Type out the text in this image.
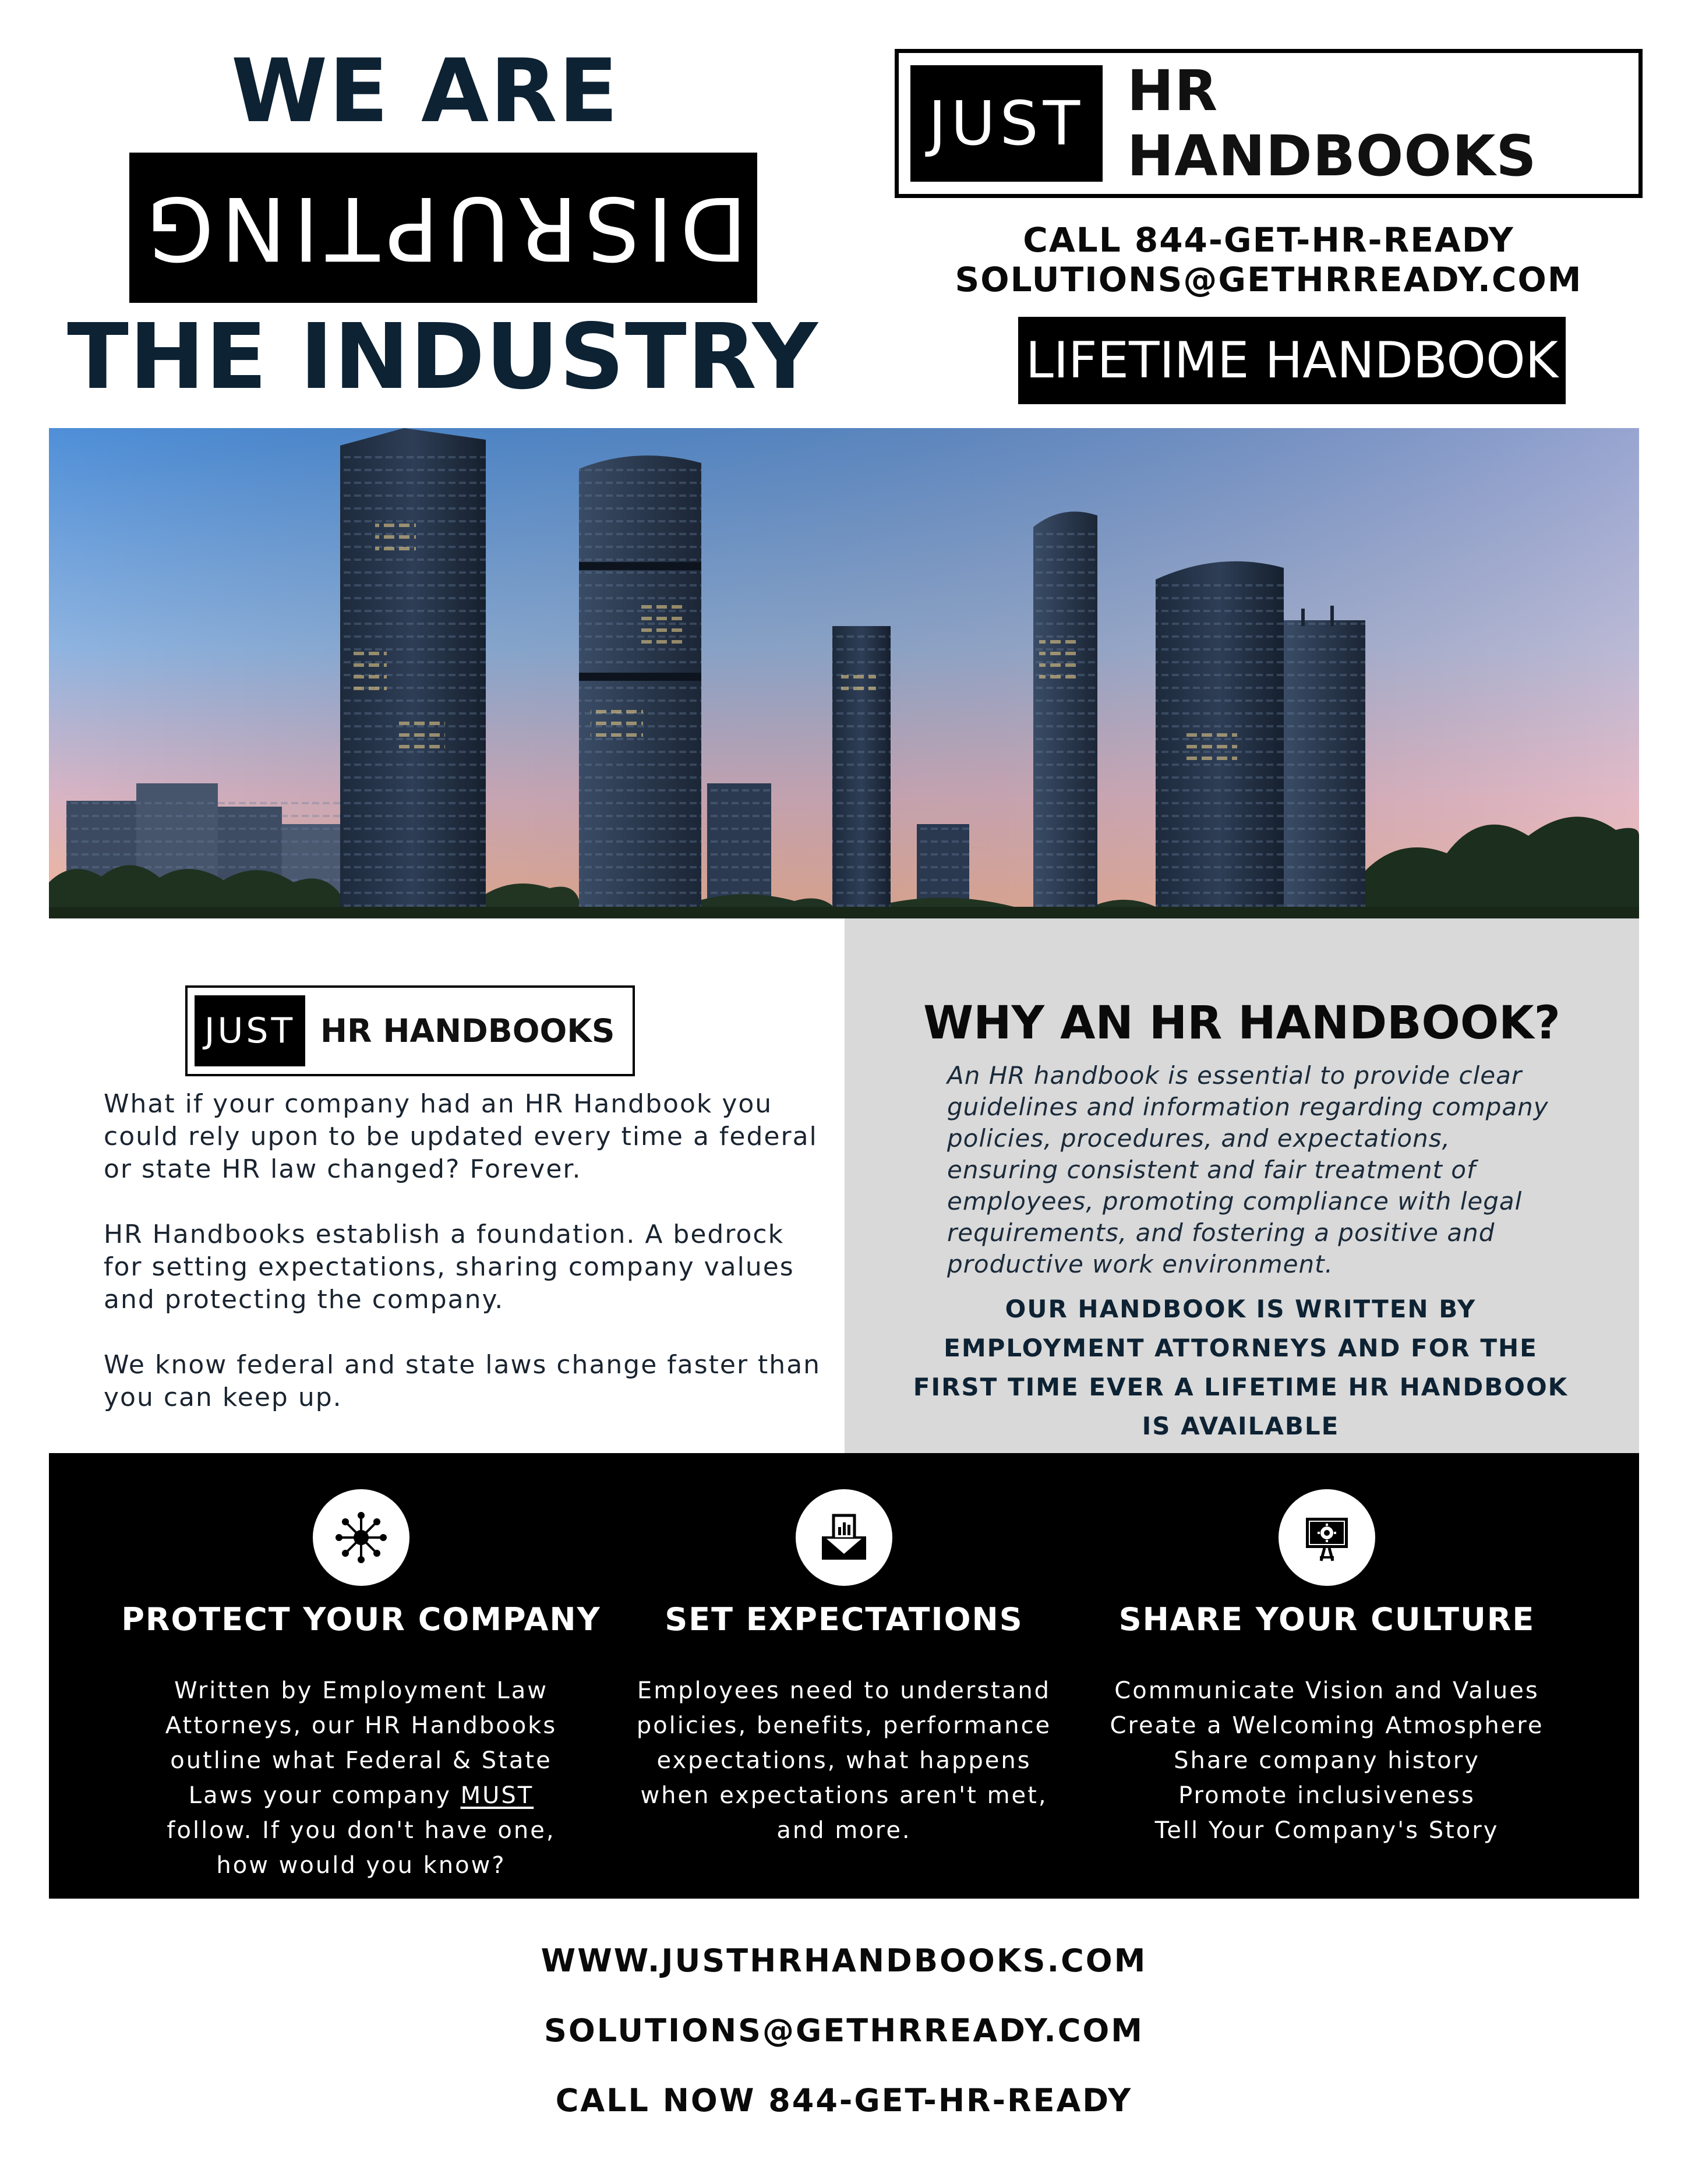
WE ARE
DISRUPTING
THE INDUSTRY
JUST HR HANDBOOKS
CALL 844-GET-HR-READY
SOLUTIONS@GETHRREADY.COM
LIFETIME HANDBOOK
JUST HR HANDBOOKS

What if your company had an HR Handbook you could rely upon to be updated every time a federal or state HR law changed? Forever.

HR Handbooks establish a foundation. A bedrock for setting expectations, sharing company values and protecting the company.

We know federal and state laws change faster than you can keep up.

WHY AN HR HANDBOOK?
An HR handbook is essential to provide clear guidelines and information regarding company policies, procedures, and expectations, ensuring consistent and fair treatment of employees, promoting compliance with legal requirements, and fostering a positive and productive work environment.
OUR HANDBOOK IS WRITTEN BY EMPLOYMENT ATTORNEYS AND FOR THE FIRST TIME EVER A LIFETIME HR HANDBOOK IS AVAILABLE
PROTECT YOUR COMPANY
Written by Employment Law
Attorneys, our HR Handbooks
outline what Federal & State
Laws your company MUST
follow. If you don't have one,
how would you know?
SET EXPECTATIONS
Employees need to understand
policies, benefits, performance
expectations, what happens
when expectations aren't met,
and more.
SHARE YOUR CULTURE
Communicate Vision and Values
Create a Welcoming Atmosphere
Share company history
Promote inclusiveness
Tell Your Company's Story
WWW.JUSTHRHANDBOOKS.COM
SOLUTIONS@GETHRREADY.COM
CALL NOW 844-GET-HR-READY
